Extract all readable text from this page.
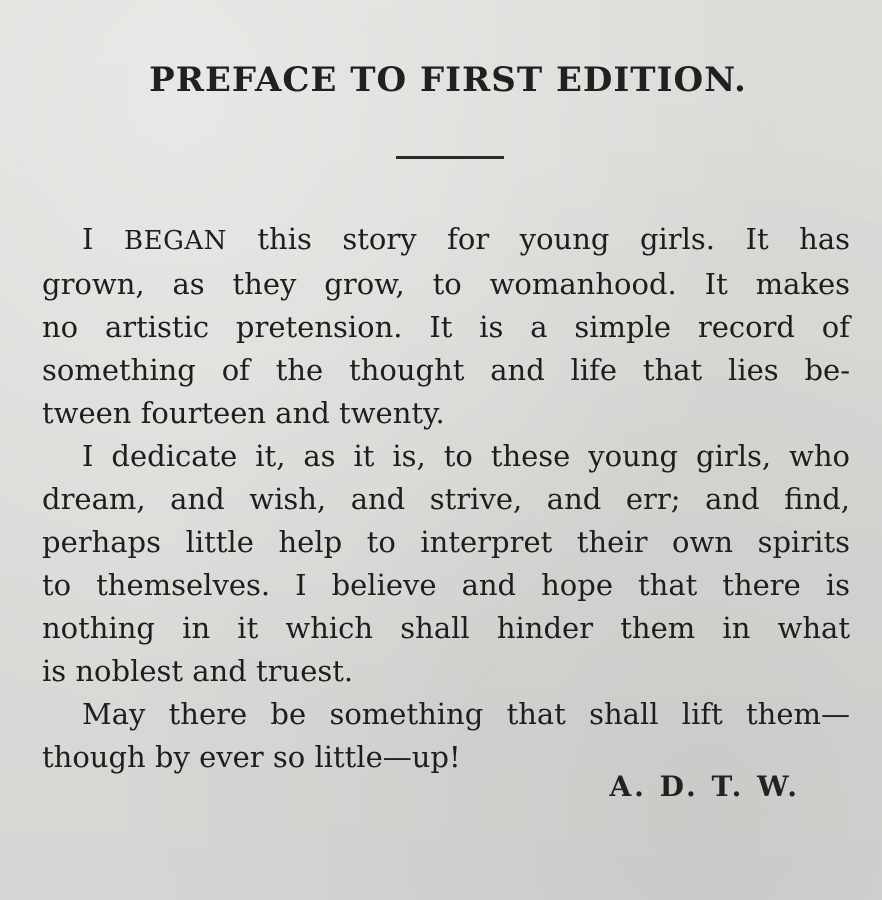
PREFACE TO FIRST EDITION.
I BEGAN this story for young girls. It has
grown, as they grow, to womanhood. It makes
no artistic pretension. It is a simple record of
something of the thought and life that lies be-
tween fourteen and twenty.
I dedicate it, as it is, to these young girls, who
dream, and wish, and strive, and err; and find,
perhaps little help to interpret their own spirits
to themselves. I believe and hope that there is
nothing in it which shall hinder them in what
is noblest and truest.
May there be something that shall lift them—
though by ever so little—up!
A. D. T. W.
